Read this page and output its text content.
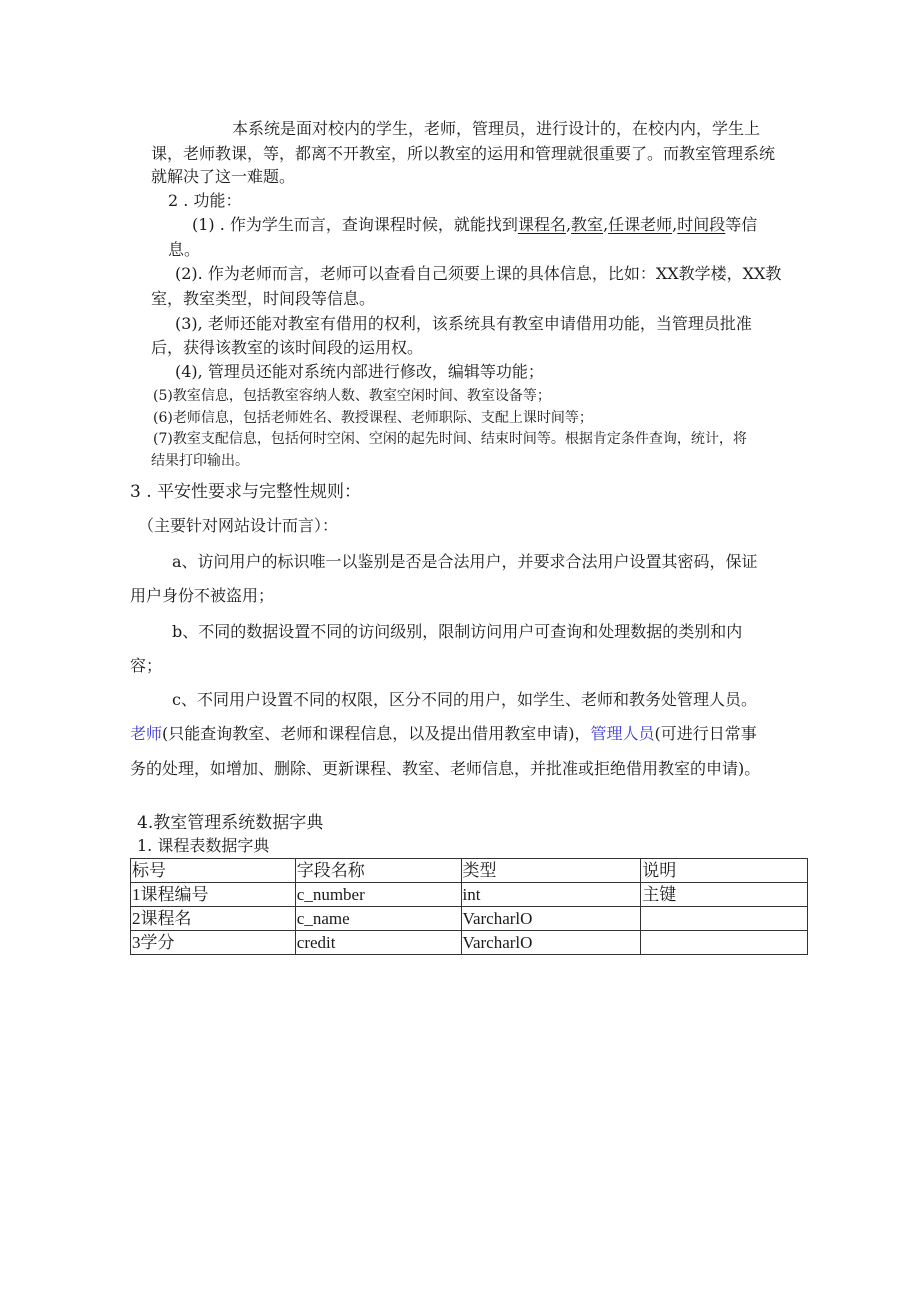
本系统是面对校内的学生，老师，管理员，进行设计的，在校内内，学生上
课，老师教课，等，都离不开教室，所以教室的运用和管理就很重要了。而教室管理系统
就解决了这一难题。
2 . 功能：
(1) . 作为学生而言，查询课程时候，就能找到课程名,教室,任课老师,时间段等信
息。
(2). 作为老师而言，老师可以查看自己须要上课的具体信息，比如：XX教学楼，XX教
室，教室类型，时间段等信息。
(3), 老师还能对教室有借用的权利，该系统具有教室申请借用功能，当管理员批准
后，获得该教室的该时间段的运用权。
(4), 管理员还能对系统内部进行修改，编辑等功能；
(5)教室信息，包括教室容纳人数、教室空闲时间、教室设备等；
(6)老师信息，包括老师姓名、教授课程、老师职际、支配上课时间等；
(7)教室支配信息，包括何时空闲、空闲的起先时间、结束时间等。根据肯定条件查询，统计，将
结果打印输出。
3 . 平安性要求与完整性规则：
（主要针对网站设计而言）：
a、访问用户的标识唯一以鉴别是否是合法用户，并要求合法用户设置其密码，保证
用户身份不被盗用；
b、不同的数据设置不同的访问级别，限制访问用户可查询和处理数据的类别和内
容；
c、不同用户设置不同的权限，区分不同的用户，如学生、老师和教务处管理人员。
老师(只能查询教室、老师和课程信息，以及提出借用教室申请)，管理人员(可进行日常事
务的处理，如增加、删除、更新课程、教室、老师信息，并批准或拒绝借用教室的申请)。
4.教室管理系统数据字典
1. 课程表数据字典
标号	字段名称	类型	说明
1课程编号	c_number	int	主键
2课程名	c_name	VarcharlO	
3学分	credit	VarcharlO	
